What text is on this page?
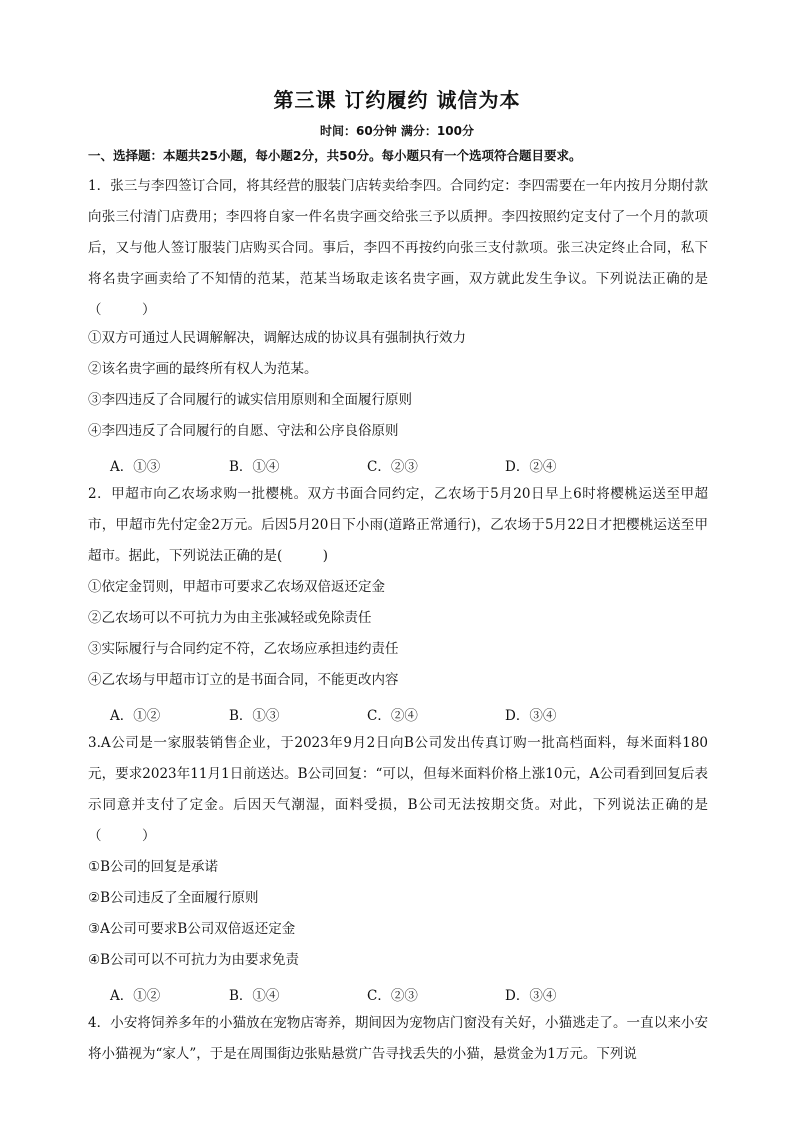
第三课 订约履约 诚信为本
时间：60分钟 满分：100分
一、选择题：本题共25小题，每小题2分，共50分。每小题只有一个选项符合题目要求。
1．张三与李四签订合同，将其经营的服装门店转卖给李四。合同约定：李四需要在一年内按月分期付款向张三付清门店费用；李四将自家一件名贵字画交给张三予以质押。李四按照约定支付了一个月的款项后，又与他人签订服装门店购买合同。事后，李四不再按约向张三支付款项。张三决定终止合同，私下将名贵字画卖给了不知情的范某，范某当场取走该名贵字画，双方就此发生争议。下列说法正确的是（　　　）
①双方可通过人民调解解决，调解达成的协议具有强制执行效力
②该名贵字画的最终所有权人为范某。
③李四违反了合同履行的诚实信用原则和全面履行原则
④李四违反了合同履行的自愿、守法和公序良俗原则
A．①③	B．①④	C．②③	D．②④
2．甲超市向乙农场求购一批樱桃。双方书面合同约定，乙农场于5月20日早上6时将樱桃运送至甲超市，甲超市先付定金2万元。后因5月20日下小雨(道路正常通行)，乙农场于5月22日才把樱桃运送至甲超市。据此，下列说法正确的是(　　　)
①依定金罚则，甲超市可要求乙农场双倍返还定金
②乙农场可以不可抗力为由主张减轻或免除责任
③实际履行与合同约定不符，乙农场应承担违约责任
④乙农场与甲超市订立的是书面合同，不能更改内容
A．①②	B．①③	C．②④	D．③④
3.A公司是一家服装销售企业，于2023年9月2日向B公司发出传真订购一批高档面料，每米面料180元，要求2023年11月1日前送达。B公司回复：“可以，但每米面料价格上涨10元，A公司看到回复后表示同意并支付了定金。后因天气潮湿，面料受损，B公司无法按期交货。对此，下列说法正确的是 （　　　）
①B公司的回复是承诺
②B公司违反了全面履行原则
③A公司可要求B公司双倍返还定金
④B公司可以不可抗力为由要求免责
A．①②	B．①④	C．②③	D．③④
4．小安将饲养多年的小猫放在宠物店寄养，期间因为宠物店门窗没有关好，小猫逃走了。一直以来小安将小猫视为“家人”，于是在周围街边张贴悬赏广告寻找丢失的小猫，悬赏金为1万元。下列说
